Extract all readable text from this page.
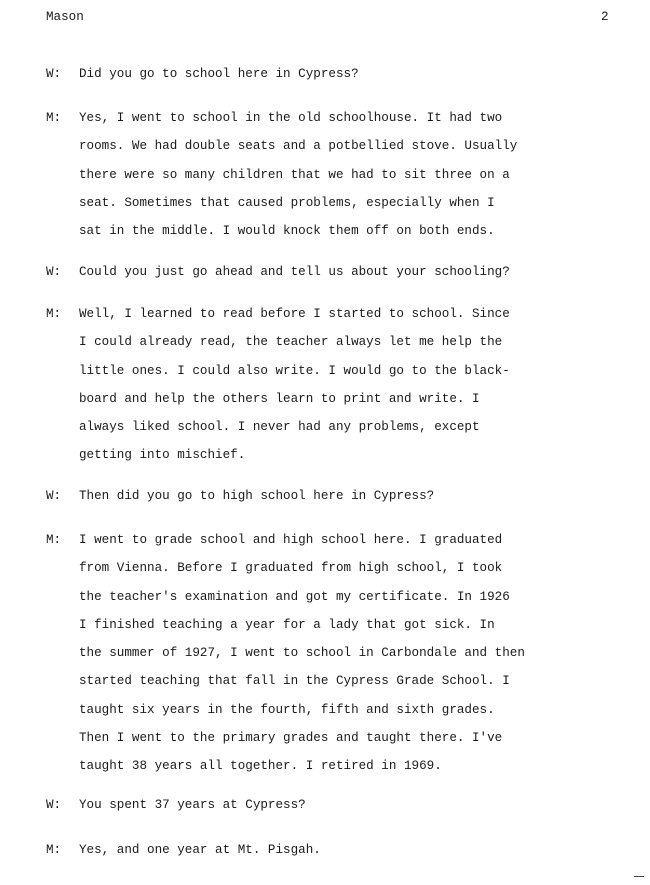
Mason	2
W:	Did you go to school here in Cypress?
M:	Yes, I went to school in the old schoolhouse. It had two
rooms. We had double seats and a potbellied stove. Usually
there were so many children that we had to sit three on a
seat. Sometimes that caused problems, especially when I
sat in the middle. I would knock them off on both ends.
W:	Could you just go ahead and tell us about your schooling?
M:	Well, I learned to read before I started to school. Since
I could already read, the teacher always let me help the
little ones. I could also write. I would go to the black-
board and help the others learn to print and write. I
always liked school. I never had any problems, except
getting into mischief.
W:	Then did you go to high school here in Cypress?
M:	I went to grade school and high school here. I graduated
from Vienna. Before I graduated from high school, I took
the teacher's examination and got my certificate. In 1926
I finished teaching a year for a lady that got sick. In
the summer of 1927, I went to school in Carbondale and then
started teaching that fall in the Cypress Grade School. I
taught six years in the fourth, fifth and sixth grades.
Then I went to the primary grades and taught there. I've
taught 38 years all together. I retired in 1969.
W:	You spent 37 years at Cypress?
M:	Yes, and one year at Mt. Pisgah.
